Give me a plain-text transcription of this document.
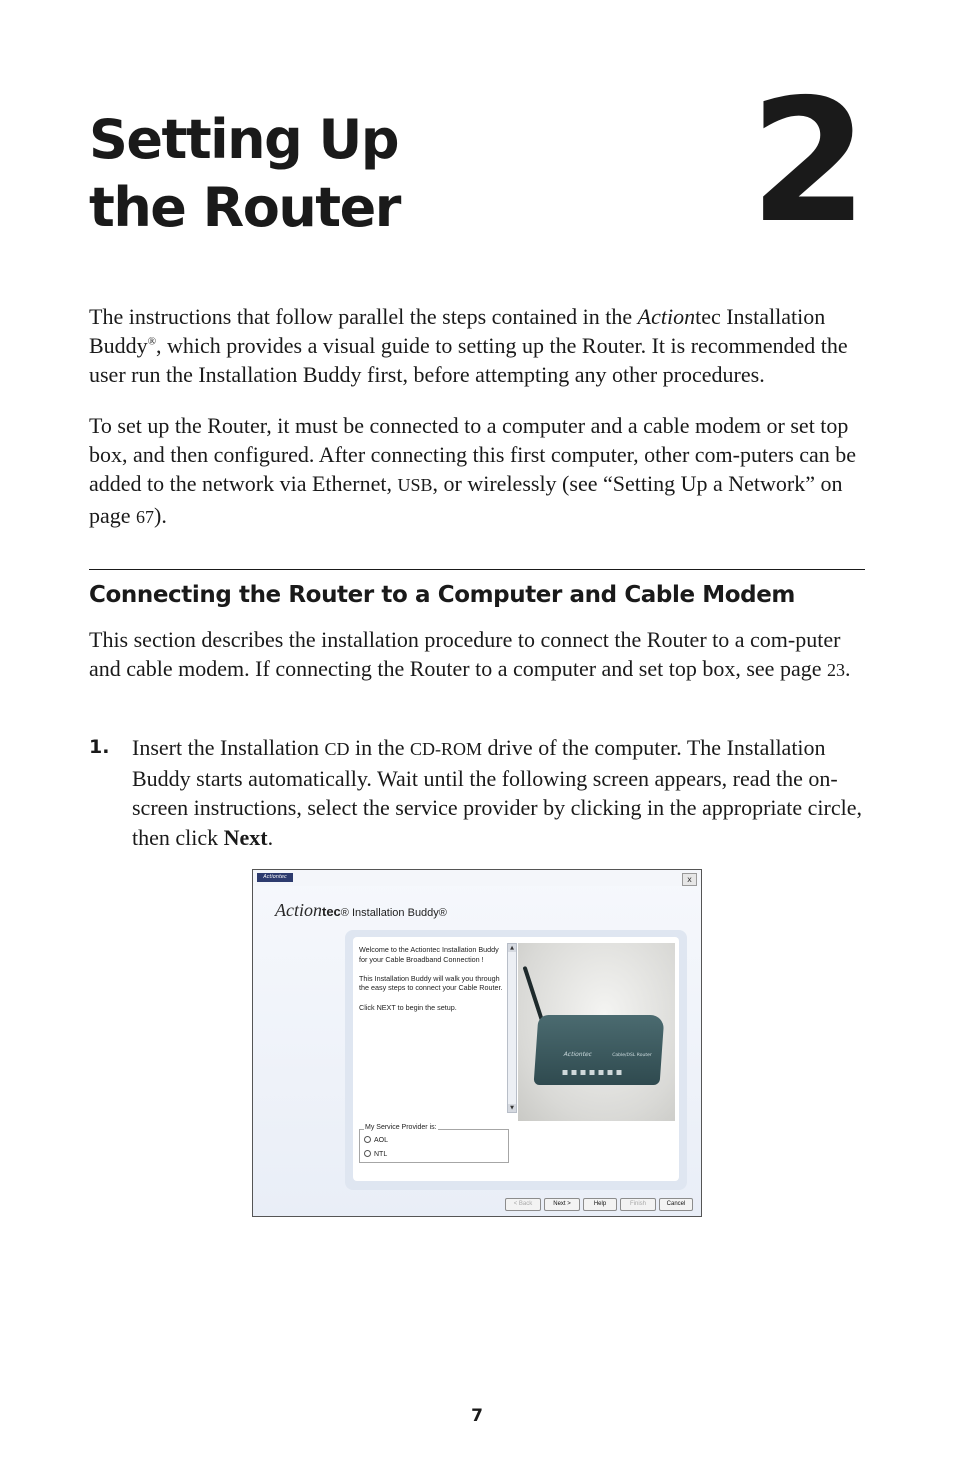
Setting Up
the Router 2

The instructions that follow parallel the steps contained in the Actiontec Installation Buddy®, which provides a visual guide to setting up the Router. It is recommended the user run the Installation Buddy first, before attempting any other procedures.

To set up the Router, it must be connected to a computer and a cable modem or set top box, and then configured. After connecting this first computer, other com-puters can be added to the network via Ethernet, USB, or wirelessly (see “Setting Up a Network” on page 67).

Connecting the Router to a Computer and Cable Modem

This section describes the installation procedure to connect the Router to a com-puter and cable modem. If connecting the Router to a computer and set top box, see page 23.

1. Insert the Installation CD in the CD-ROM drive of the computer. The Installation Buddy starts automatically. Wait until the following screen appears, read the on-screen instructions, select the service provider by clicking in the appropriate circle, then click Next.

Actiontec	x
Actiontec® Installation Buddy®

Welcome to the Actiontec Installation Buddy for your Cable Broadband Connection !

This Installation Buddy will walk you through the easy steps to connect your Cable Router.

Click NEXT to begin the setup.

▲
▼
Actiontec	Cable/DSL Router
My Service Provider is:
AOL
NTL
< Back	Next >	Help	Finish	Cancel
7
